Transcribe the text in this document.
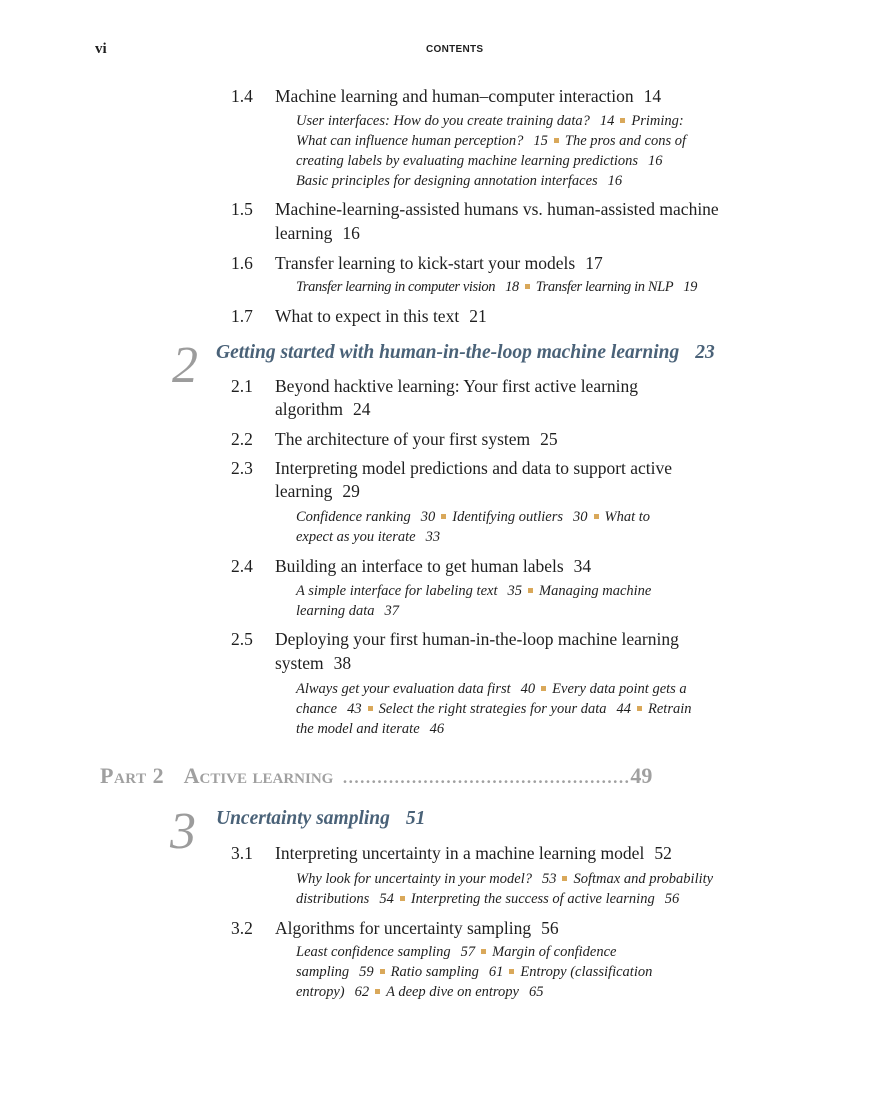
vi	CONTENTS
1.4 Machine learning and human–computer interaction 14
User interfaces: How do you create training data? 14 Priming:
What can influence human perception? 15 The pros and cons of
creating labels by evaluating machine learning predictions 16
Basic principles for designing annotation interfaces 16
1.5 Machine-learning-assisted humans vs. human-assisted machine
learning 16
1.6 Transfer learning to kick-start your models 17
Transfer learning in computer vision 18 Transfer learning in NLP 19
1.7 What to expect in this text 21
2 Getting started with human-in-the-loop machine learning 23
2.1 Beyond hacktive learning: Your first active learning
algorithm 24
2.2 The architecture of your first system 25
2.3 Interpreting model predictions and data to support active
learning 29
Confidence ranking 30 Identifying outliers 30 What to
expect as you iterate 33
2.4 Building an interface to get human labels 34
A simple interface for labeling text 35 Managing machine
learning data 37
2.5 Deploying your first human-in-the-loop machine learning
system 38
Always get your evaluation data first 40 Every data point gets a
chance 43 Select the right strategies for your data 44 Retrain
the model and iterate 46
Part 2 Active learning ..................................................49
3 Uncertainty sampling 51
3.1 Interpreting uncertainty in a machine learning model 52
Why look for uncertainty in your model? 53 Softmax and probability
distributions 54 Interpreting the success of active learning 56
3.2 Algorithms for uncertainty sampling 56
Least confidence sampling 57 Margin of confidence
sampling 59 Ratio sampling 61 Entropy (classification
entropy) 62 A deep dive on entropy 65
